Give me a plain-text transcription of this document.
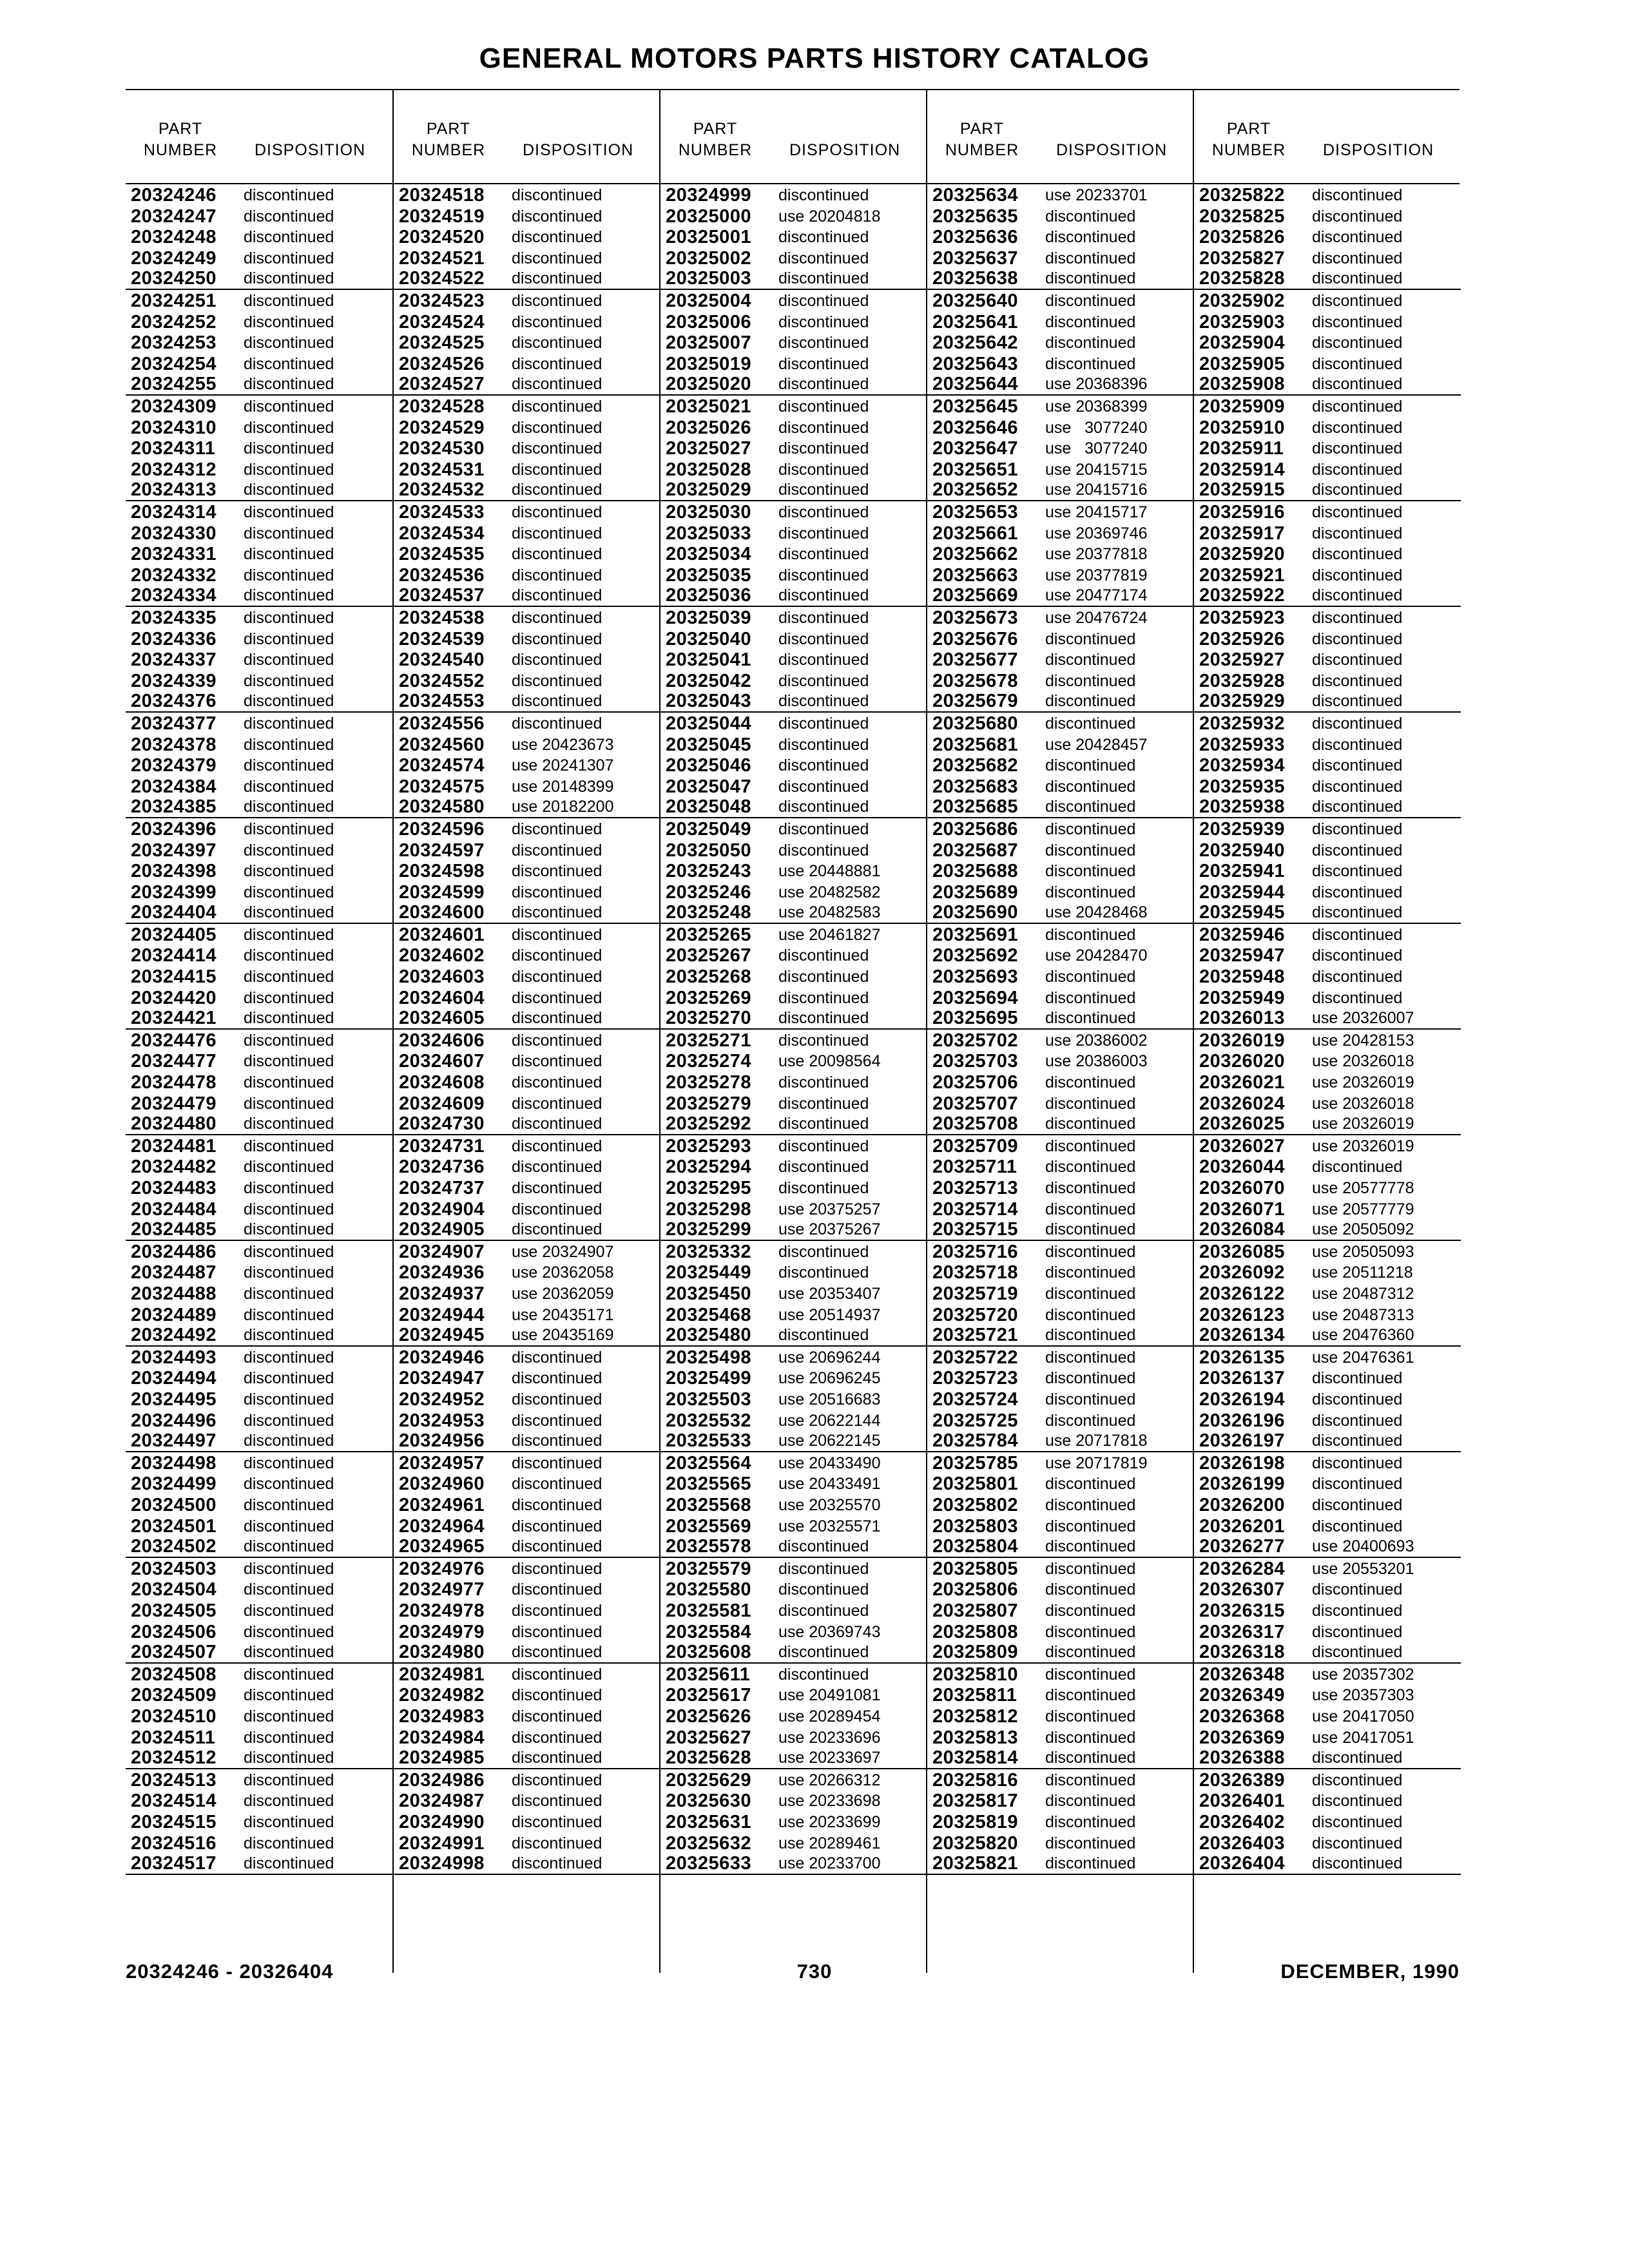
GENERAL MOTORS PARTS HISTORY CATALOG
PART
NUMBER	DISPOSITION
20324246 discontinued
20324247 discontinued
20324248 discontinued
20324249 discontinued
20324250 discontinued
20324251 discontinued
20324252 discontinued
20324253 discontinued
20324254 discontinued
20324255 discontinued
20324309 discontinued
20324310 discontinued
20324311 discontinued
20324312 discontinued
20324313 discontinued
20324314 discontinued
20324330 discontinued
20324331 discontinued
20324332 discontinued
20324334 discontinued
20324335 discontinued
20324336 discontinued
20324337 discontinued
20324339 discontinued
20324376 discontinued
20324377 discontinued
20324378 discontinued
20324379 discontinued
20324384 discontinued
20324385 discontinued
20324396 discontinued
20324397 discontinued
20324398 discontinued
20324399 discontinued
20324404 discontinued
20324405 discontinued
20324414 discontinued
20324415 discontinued
20324420 discontinued
20324421 discontinued
20324476 discontinued
20324477 discontinued
20324478 discontinued
20324479 discontinued
20324480 discontinued
20324481 discontinued
20324482 discontinued
20324483 discontinued
20324484 discontinued
20324485 discontinued
20324486 discontinued
20324487 discontinued
20324488 discontinued
20324489 discontinued
20324492 discontinued
20324493 discontinued
20324494 discontinued
20324495 discontinued
20324496 discontinued
20324497 discontinued
20324498 discontinued
20324499 discontinued
20324500 discontinued
20324501 discontinued
20324502 discontinued
20324503 discontinued
20324504 discontinued
20324505 discontinued
20324506 discontinued
20324507 discontinued
20324508 discontinued
20324509 discontinued
20324510 discontinued
20324511 discontinued
20324512 discontinued
20324513 discontinued
20324514 discontinued
20324515 discontinued
20324516 discontinued
20324517 discontinued
PART
NUMBER	DISPOSITION
20324518 discontinued
20324519 discontinued
20324520 discontinued
20324521 discontinued
20324522 discontinued
20324523 discontinued
20324524 discontinued
20324525 discontinued
20324526 discontinued
20324527 discontinued
20324528 discontinued
20324529 discontinued
20324530 discontinued
20324531 discontinued
20324532 discontinued
20324533 discontinued
20324534 discontinued
20324535 discontinued
20324536 discontinued
20324537 discontinued
20324538 discontinued
20324539 discontinued
20324540 discontinued
20324552 discontinued
20324553 discontinued
20324556 discontinued
20324560 use 20423673
20324574 use 20241307
20324575 use 20148399
20324580 use 20182200
20324596 discontinued
20324597 discontinued
20324598 discontinued
20324599 discontinued
20324600 discontinued
20324601 discontinued
20324602 discontinued
20324603 discontinued
20324604 discontinued
20324605 discontinued
20324606 discontinued
20324607 discontinued
20324608 discontinued
20324609 discontinued
20324730 discontinued
20324731 discontinued
20324736 discontinued
20324737 discontinued
20324904 discontinued
20324905 discontinued
20324907 use 20324907
20324936 use 20362058
20324937 use 20362059
20324944 use 20435171
20324945 use 20435169
20324946 discontinued
20324947 discontinued
20324952 discontinued
20324953 discontinued
20324956 discontinued
20324957 discontinued
20324960 discontinued
20324961 discontinued
20324964 discontinued
20324965 discontinued
20324976 discontinued
20324977 discontinued
20324978 discontinued
20324979 discontinued
20324980 discontinued
20324981 discontinued
20324982 discontinued
20324983 discontinued
20324984 discontinued
20324985 discontinued
20324986 discontinued
20324987 discontinued
20324990 discontinued
20324991 discontinued
20324998 discontinued
PART
NUMBER	DISPOSITION
20324999 discontinued
20325000 use 20204818
20325001 discontinued
20325002 discontinued
20325003 discontinued
20325004 discontinued
20325006 discontinued
20325007 discontinued
20325019 discontinued
20325020 discontinued
20325021 discontinued
20325026 discontinued
20325027 discontinued
20325028 discontinued
20325029 discontinued
20325030 discontinued
20325033 discontinued
20325034 discontinued
20325035 discontinued
20325036 discontinued
20325039 discontinued
20325040 discontinued
20325041 discontinued
20325042 discontinued
20325043 discontinued
20325044 discontinued
20325045 discontinued
20325046 discontinued
20325047 discontinued
20325048 discontinued
20325049 discontinued
20325050 discontinued
20325243 use 20448881
20325246 use 20482582
20325248 use 20482583
20325265 use 20461827
20325267 discontinued
20325268 discontinued
20325269 discontinued
20325270 discontinued
20325271 discontinued
20325274 use 20098564
20325278 discontinued
20325279 discontinued
20325292 discontinued
20325293 discontinued
20325294 discontinued
20325295 discontinued
20325298 use 20375257
20325299 use 20375267
20325332 discontinued
20325449 discontinued
20325450 use 20353407
20325468 use 20514937
20325480 discontinued
20325498 use 20696244
20325499 use 20696245
20325503 use 20516683
20325532 use 20622144
20325533 use 20622145
20325564 use 20433490
20325565 use 20433491
20325568 use 20325570
20325569 use 20325571
20325578 discontinued
20325579 discontinued
20325580 discontinued
20325581 discontinued
20325584 use 20369743
20325608 discontinued
20325611 discontinued
20325617 use 20491081
20325626 use 20289454
20325627 use 20233696
20325628 use 20233697
20325629 use 20266312
20325630 use 20233698
20325631 use 20233699
20325632 use 20289461
20325633 use 20233700
PART
NUMBER	DISPOSITION
20325634 use 20233701
20325635 discontinued
20325636 discontinued
20325637 discontinued
20325638 discontinued
20325640 discontinued
20325641 discontinued
20325642 discontinued
20325643 discontinued
20325644 use 20368396
20325645 use 20368399
20325646 use   3077240
20325647 use   3077240
20325651 use 20415715
20325652 use 20415716
20325653 use 20415717
20325661 use 20369746
20325662 use 20377818
20325663 use 20377819
20325669 use 20477174
20325673 use 20476724
20325676 discontinued
20325677 discontinued
20325678 discontinued
20325679 discontinued
20325680 discontinued
20325681 use 20428457
20325682 discontinued
20325683 discontinued
20325685 discontinued
20325686 discontinued
20325687 discontinued
20325688 discontinued
20325689 discontinued
20325690 use 20428468
20325691 discontinued
20325692 use 20428470
20325693 discontinued
20325694 discontinued
20325695 discontinued
20325702 use 20386002
20325703 use 20386003
20325706 discontinued
20325707 discontinued
20325708 discontinued
20325709 discontinued
20325711 discontinued
20325713 discontinued
20325714 discontinued
20325715 discontinued
20325716 discontinued
20325718 discontinued
20325719 discontinued
20325720 discontinued
20325721 discontinued
20325722 discontinued
20325723 discontinued
20325724 discontinued
20325725 discontinued
20325784 use 20717818
20325785 use 20717819
20325801 discontinued
20325802 discontinued
20325803 discontinued
20325804 discontinued
20325805 discontinued
20325806 discontinued
20325807 discontinued
20325808 discontinued
20325809 discontinued
20325810 discontinued
20325811 discontinued
20325812 discontinued
20325813 discontinued
20325814 discontinued
20325816 discontinued
20325817 discontinued
20325819 discontinued
20325820 discontinued
20325821 discontinued
PART
NUMBER	DISPOSITION
20325822 discontinued
20325825 discontinued
20325826 discontinued
20325827 discontinued
20325828 discontinued
20325902 discontinued
20325903 discontinued
20325904 discontinued
20325905 discontinued
20325908 discontinued
20325909 discontinued
20325910 discontinued
20325911 discontinued
20325914 discontinued
20325915 discontinued
20325916 discontinued
20325917 discontinued
20325920 discontinued
20325921 discontinued
20325922 discontinued
20325923 discontinued
20325926 discontinued
20325927 discontinued
20325928 discontinued
20325929 discontinued
20325932 discontinued
20325933 discontinued
20325934 discontinued
20325935 discontinued
20325938 discontinued
20325939 discontinued
20325940 discontinued
20325941 discontinued
20325944 discontinued
20325945 discontinued
20325946 discontinued
20325947 discontinued
20325948 discontinued
20325949 discontinued
20326013 use 20326007
20326019 use 20428153
20326020 use 20326018
20326021 use 20326019
20326024 use 20326018
20326025 use 20326019
20326027 use 20326019
20326044 discontinued
20326070 use 20577778
20326071 use 20577779
20326084 use 20505092
20326085 use 20505093
20326092 use 20511218
20326122 use 20487312
20326123 use 20487313
20326134 use 20476360
20326135 use 20476361
20326137 discontinued
20326194 discontinued
20326196 discontinued
20326197 discontinued
20326198 discontinued
20326199 discontinued
20326200 discontinued
20326201 discontinued
20326277 use 20400693
20326284 use 20553201
20326307 discontinued
20326315 discontinued
20326317 discontinued
20326318 discontinued
20326348 use 20357302
20326349 use 20357303
20326368 use 20417050
20326369 use 20417051
20326388 discontinued
20326389 discontinued
20326401 discontinued
20326402 discontinued
20326403 discontinued
20326404 discontinued
20324246 - 20326404	730	DECEMBER, 1990
